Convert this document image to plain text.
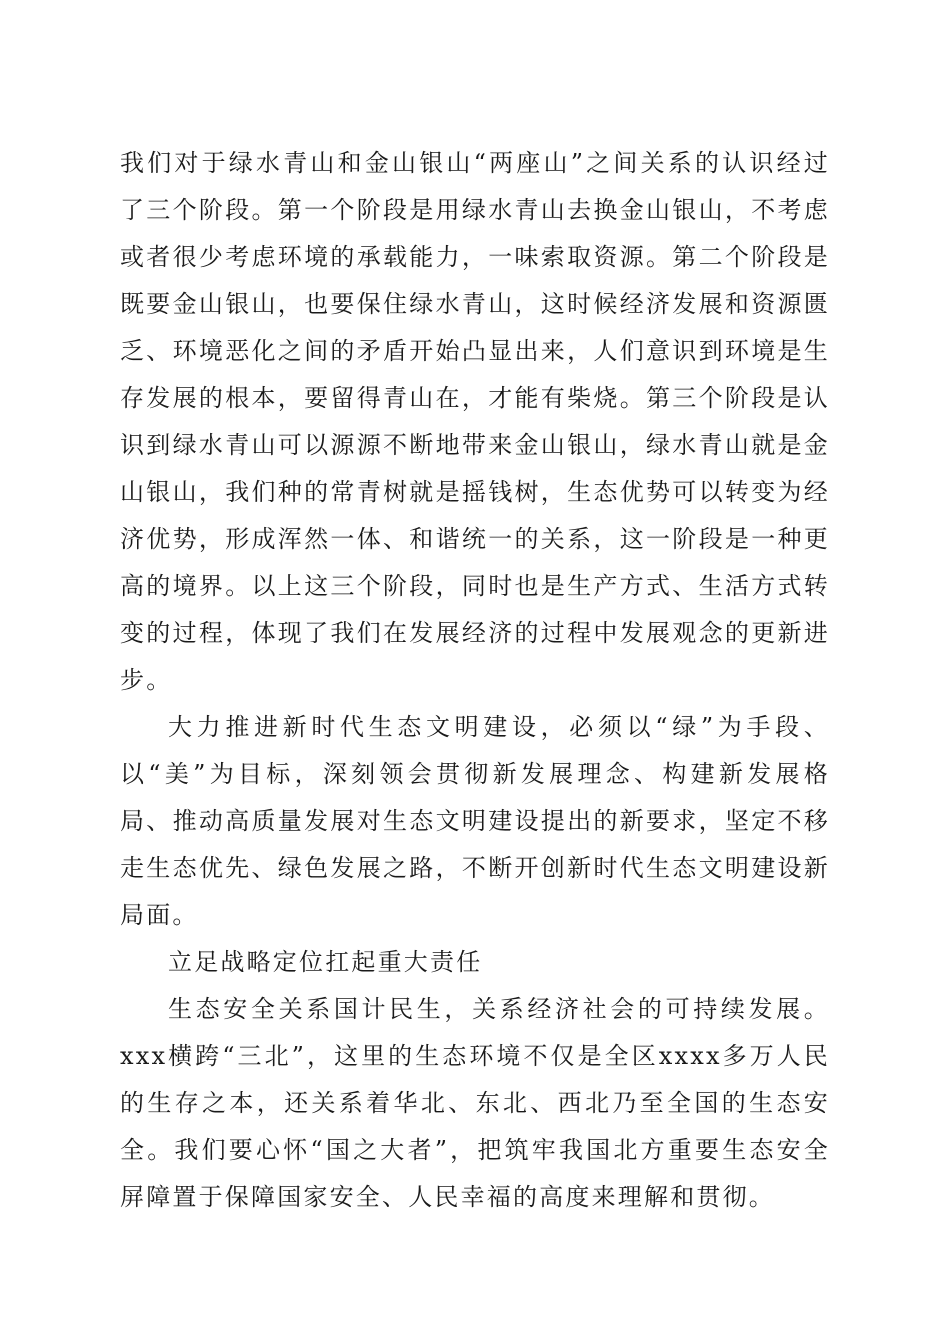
我们对于绿水青山和金山银山“两座山”之间关系的认识经过了三个阶段。第一个阶段是用绿水青山去换金山银山，不考虑或者很少考虑环境的承载能力，一味索取资源。第二个阶段是既要金山银山，也要保住绿水青山，这时候经济发展和资源匮乏、环境恶化之间的矛盾开始凸显出来，人们意识到环境是生存发展的根本，要留得青山在，才能有柴烧。第三个阶段是认识到绿水青山可以源源不断地带来金山银山，绿水青山就是金山银山，我们种的常青树就是摇钱树，生态优势可以转变为经济优势，形成浑然一体、和谐统一的关系，这一阶段是一种更高的境界。以上这三个阶段，同时也是生产方式、生活方式转变的过程，体现了我们在发展经济的过程中发展观念的更新进步。

大力推进新时代生态文明建设，必须以“绿”为手段、以“美”为目标，深刻领会贯彻新发展理念、构建新发展格局、推动高质量发展对生态文明建设提出的新要求，坚定不移走生态优先、绿色发展之路，不断开创新时代生态文明建设新局面。

立足战略定位扛起重大责任

生态安全关系国计民生，关系经济社会的可持续发展。xxx横跨“三北”，这里的生态环境不仅是全区xxxx多万人民的生存之本，还关系着华北、东北、西北乃至全国的生态安全。我们要心怀“国之大者”，把筑牢我国北方重要生态安全屏障置于保障国家安全、人民幸福的高度来理解和贯彻。
